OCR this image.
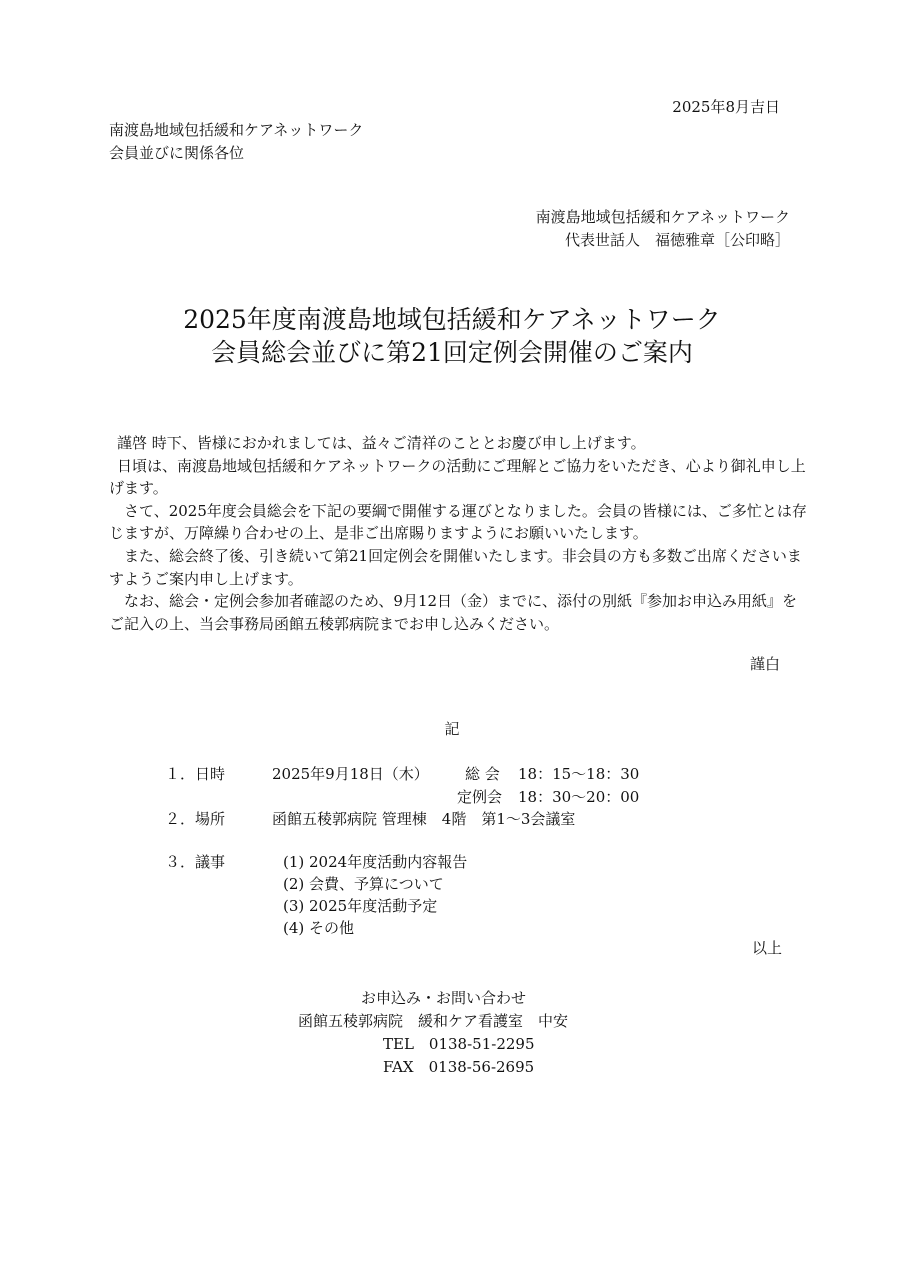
2025年8月吉日
南渡島地域包括緩和ケアネットワーク
会員並びに関係各位
南渡島地域包括緩和ケアネットワーク
代表世話人　福徳雅章［公印略］
2025年度南渡島地域包括緩和ケアネットワーク
会員総会並びに第21回定例会開催のご案内

謹啓 時下、皆様におかれましては、益々ご清祥のこととお慶び申し上げます。

日頃は、南渡島地域包括緩和ケアネットワークの活動にご理解とご協力をいただき、心より御礼申し上げます。

さて、2025年度会員総会を下記の要綱で開催する運びとなりました。会員の皆様には、ご多忙とは存じますが、万障繰り合わせの上、是非ご出席賜りますようにお願いいたします。

また、総会終了後、引き続いて第21回定例会を開催いたします。非会員の方も多数ご出席くださいますようご案内申し上げます。

なお、総会・定例会参加者確認のため、9月12日（金）までに、添付の別紙『参加お申込み用紙』をご記入の上、当会事務局函館五稜郭病院までお申し込みください。

謹白
記
１．日時	2025年9月18日（木） 総 会 18：15～18：30
定例会 18：30～20：00
２．場所	函館五稜郭病院 管理棟　4階　第1～3会議室
３．議事	(1) 2024年度活動内容報告
(2) 会費、予算について
(3) 2025年度活動予定
(4) その他
以上
お申込み・お問い合わせ
函館五稜郭病院　緩和ケア看護室　中安
TEL　0138-51-2295
FAX　0138-56-2695
